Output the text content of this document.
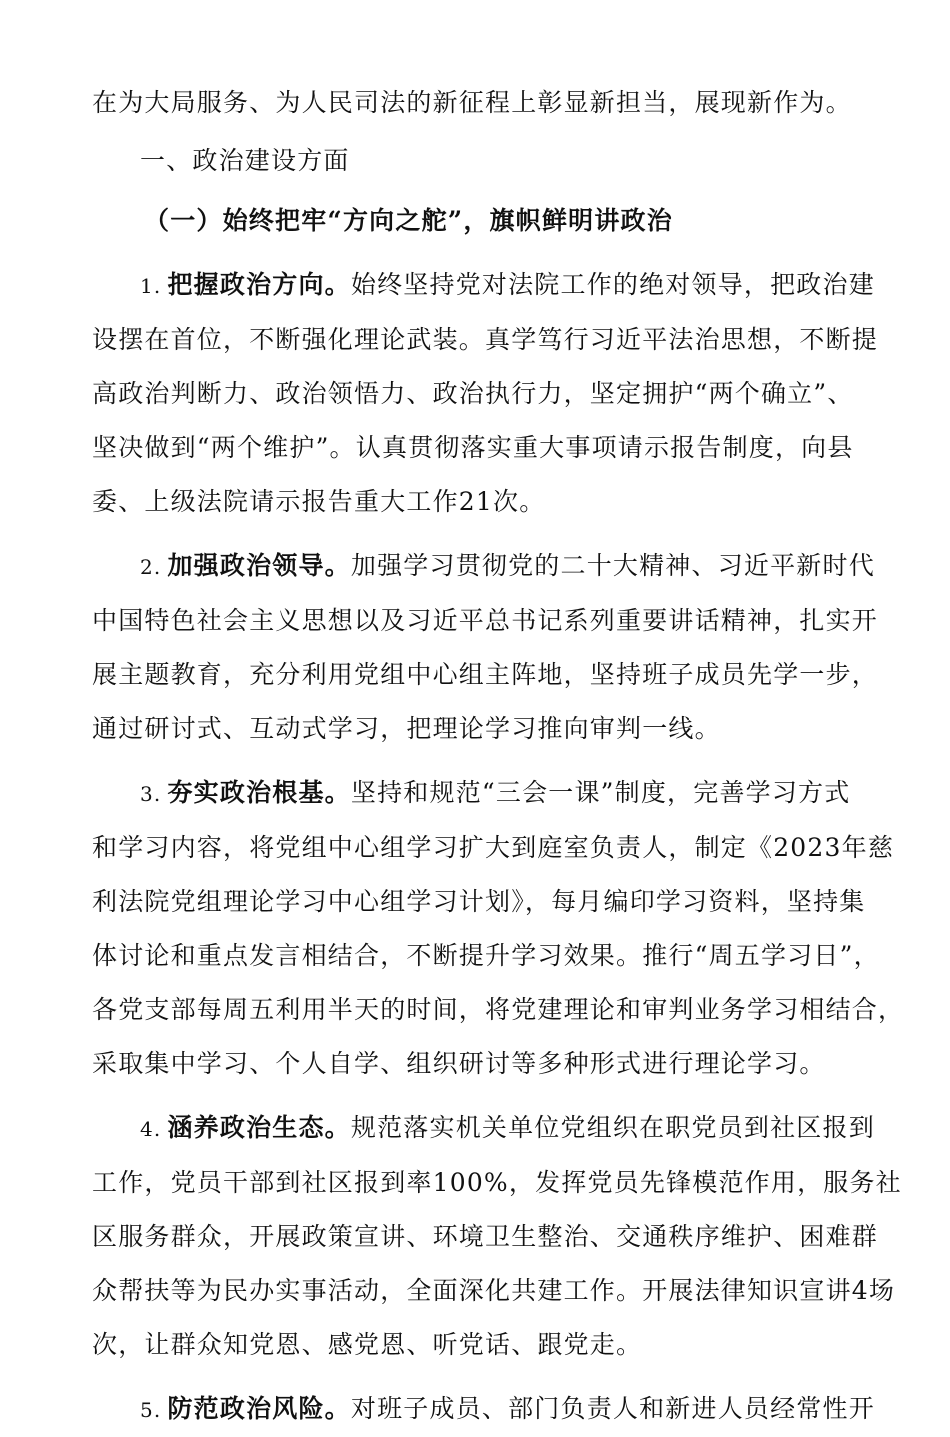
在为大局服务、为人民司法的新征程上彰显新担当，展现新作为。
一、政治建设方面
（一）始终把牢“方向之舵”，旗帜鲜明讲政治
1. 把握政治方向。始终坚持党对法院工作的绝对领导，把政治建
设摆在首位，不断强化理论武装。真学笃行习近平法治思想，不断提
高政治判断力、政治领悟力、政治执行力，坚定拥护“两个确立”、
坚决做到“两个维护”。认真贯彻落实重大事项请示报告制度，向县
委、上级法院请示报告重大工作21次。
2. 加强政治领导。加强学习贯彻党的二十大精神、习近平新时代
中国特色社会主义思想以及习近平总书记系列重要讲话精神，扎实开
展主题教育，充分利用党组中心组主阵地，坚持班子成员先学一步，
通过研讨式、互动式学习，把理论学习推向审判一线。
3. 夯实政治根基。坚持和规范“三会一课”制度，完善学习方式
和学习内容，将党组中心组学习扩大到庭室负责人，制定《2023年慈
利法院党组理论学习中心组学习计划》，每月编印学习资料，坚持集
体讨论和重点发言相结合，不断提升学习效果。推行“周五学习日”，
各党支部每周五利用半天的时间，将党建理论和审判业务学习相结合，
采取集中学习、个人自学、组织研讨等多种形式进行理论学习。
4. 涵养政治生态。规范落实机关单位党组织在职党员到社区报到
工作，党员干部到社区报到率100%，发挥党员先锋模范作用，服务社
区服务群众，开展政策宣讲、环境卫生整治、交通秩序维护、困难群
众帮扶等为民办实事活动，全面深化共建工作。开展法律知识宣讲4场
次，让群众知党恩、感党恩、听党话、跟党走。
5. 防范政治风险。对班子成员、部门负责人和新进人员经常性开
